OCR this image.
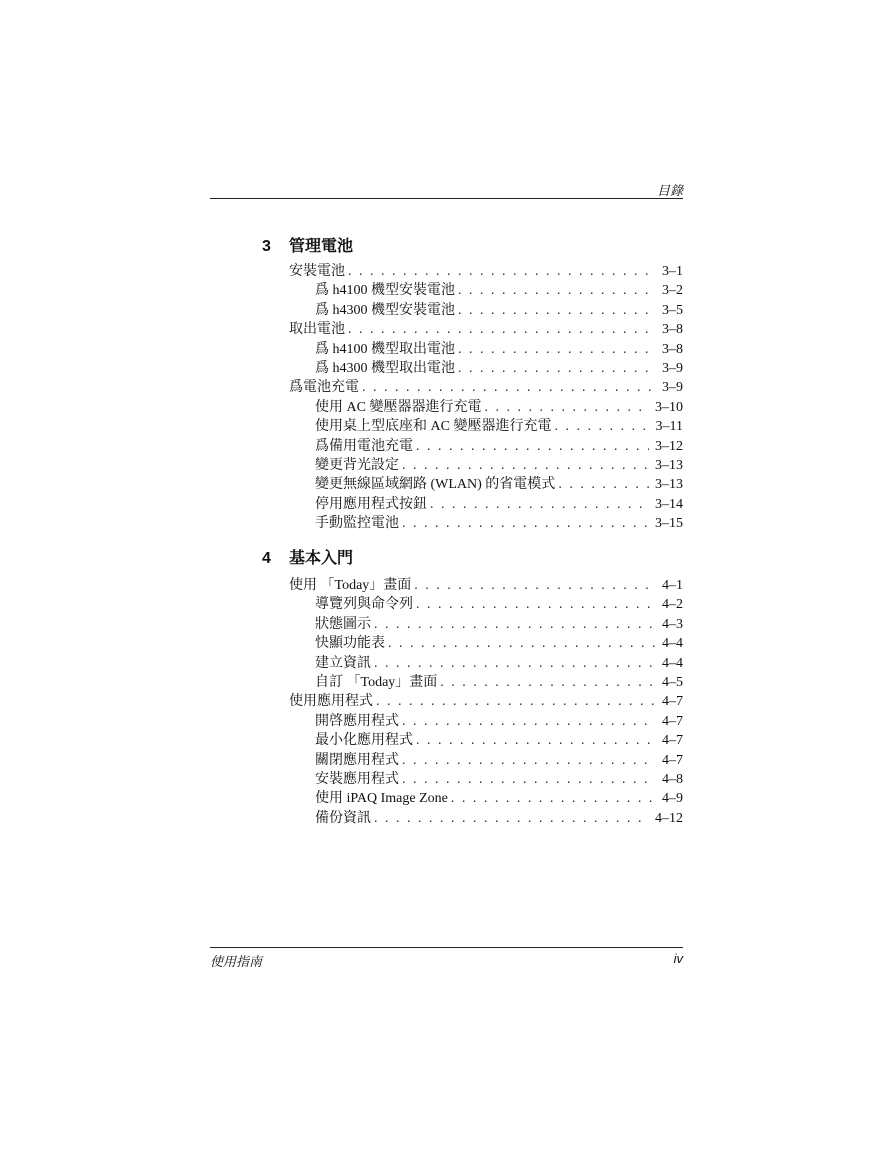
目錄
3 管理電池
安裝電池 . . .	3–1
爲 h4100 機型安裝電池 . . .	3–2
爲 h4300 機型安裝電池 . . .	3–5
取出電池 . . .	3–8
爲 h4100 機型取出電池 . . .	3–8
爲 h4300 機型取出電池 . . .	3–9
爲電池充電 . . .	3–9
使用 AC 變壓器器進行充電 . . .	3–10
使用桌上型底座和 AC 變壓器進行充電 . . .	3–11
爲備用電池充電 . . .	3–12
變更背光設定 . . .	3–13
變更無線區域網路 (WLAN) 的省電模式 . . .	3–13
停用應用程式按鈕 . . .	3–14
手動監控電池 . . .	3–15
4 基本入門
使用 「Today」畫面 . . .	4–1
導覽列與命令列 . . .	4–2
狀態圖示 . . .	4–3
快顯功能表 . . .	4–4
建立資訊 . . .	4–4
自訂 「Today」畫面 . . .	4–5
使用應用程式 . . .	4–7
開啓應用程式 . . .	4–7
最小化應用程式 . . .	4–7
關閉應用程式 . . .	4–7
安裝應用程式 . . .	4–8
使用 iPAQ Image Zone . . .	4–9
備份資訊 . . .	4–12
使用指南	iv
